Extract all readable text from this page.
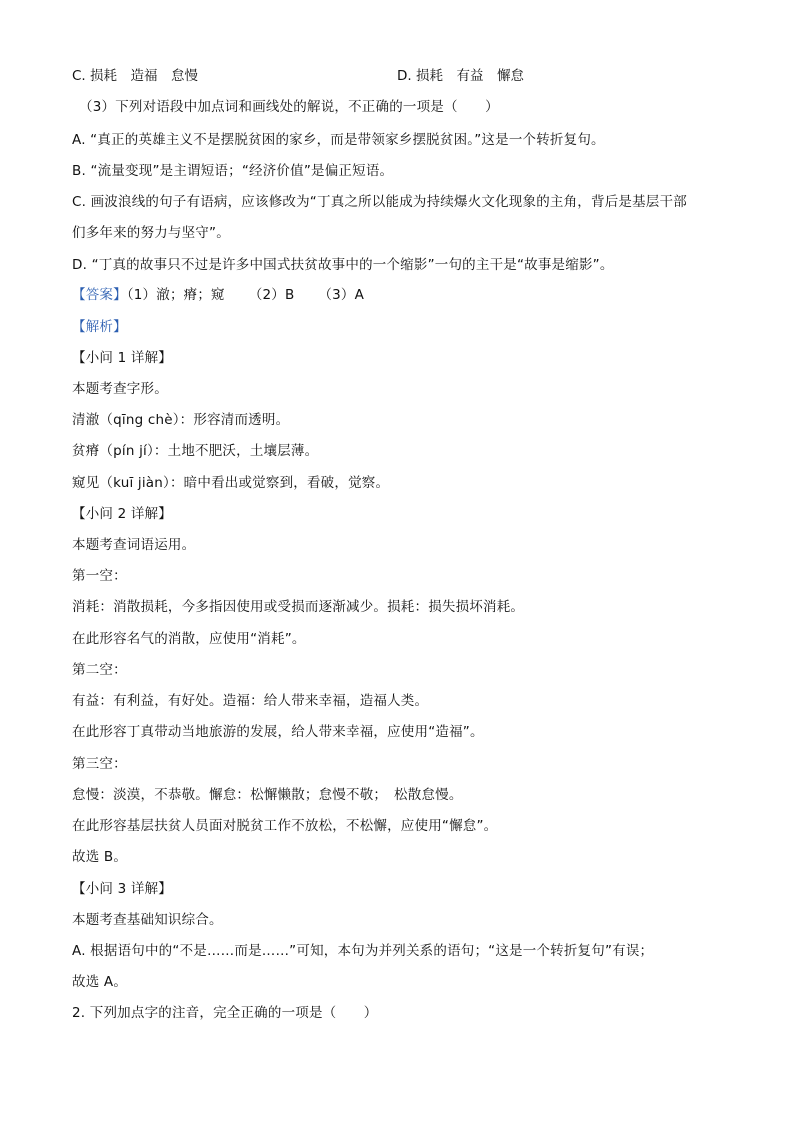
C. 损耗　造福　怠慢	D. 损耗　有益　懈怠
（3）下列对语段中加点词和画线处的解说，不正确的一项是（　　）
A. “真正的英雄主义不是摆脱贫困的家乡，而是带领家乡摆脱贫困。”这是一个转折复句。
B. “流量变现”是主谓短语；“经济价值”是偏正短语。
C. 画波浪线的句子有语病，应该修改为“丁真之所以能成为持续爆火文化现象的主角，背后是基层干部
们多年来的努力与坚守”。
D. “丁真的故事只不过是许多中国式扶贫故事中的一个缩影”一句的主干是“故事是缩影”。
【答案】（1）澈；瘠；窥 （2）B （3）A
【解析】
【小问 1 详解】
本题考查字形。
清澈（qīng chè）：形容清而透明。
贫瘠（pín jí）：土地不肥沃，土壤层薄。
窥见（kuī jiàn）：暗中看出或觉察到，看破，觉察。
【小问 2 详解】
本题考查词语运用。
第一空：
消耗：消散损耗，今多指因使用或受损而逐渐减少。损耗：损失损坏消耗。
在此形容名气的消散，应使用“消耗”。
第二空：
有益：有利益，有好处。造福：给人带来幸福，造福人类。
在此形容丁真带动当地旅游的发展，给人带来幸福，应使用“造福”。
第三空：
怠慢：淡漠，不恭敬。懈怠：松懈懒散；怠慢不敬；　松散怠慢。
在此形容基层扶贫人员面对脱贫工作不放松，不松懈，应使用“懈怠”。
故选 B。
【小问 3 详解】
本题考查基础知识综合。
A. 根据语句中的“不是……而是……”可知，本句为并列关系的语句；“这是一个转折复句”有误；
故选 A。
2. 下列加点字的注音，完全正确的一项是（　　）
